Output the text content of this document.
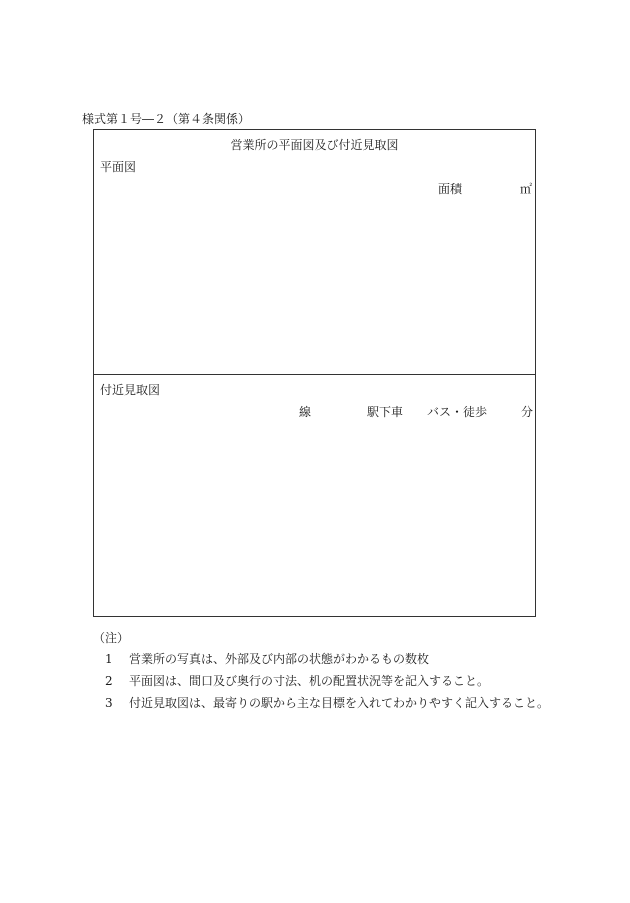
様式第１号―２（第４条関係）
営業所の平面図及び付近見取図
平面図
面積	㎡
付近見取図
線	駅下車 バス・徒歩	分
（注）
1	営業所の写真は、外部及び内部の状態がわかるもの数枚
2	平面図は、間口及び奥行の寸法、机の配置状況等を記入すること。
3	付近見取図は、最寄りの駅から主な目標を入れてわかりやすく記入すること。
